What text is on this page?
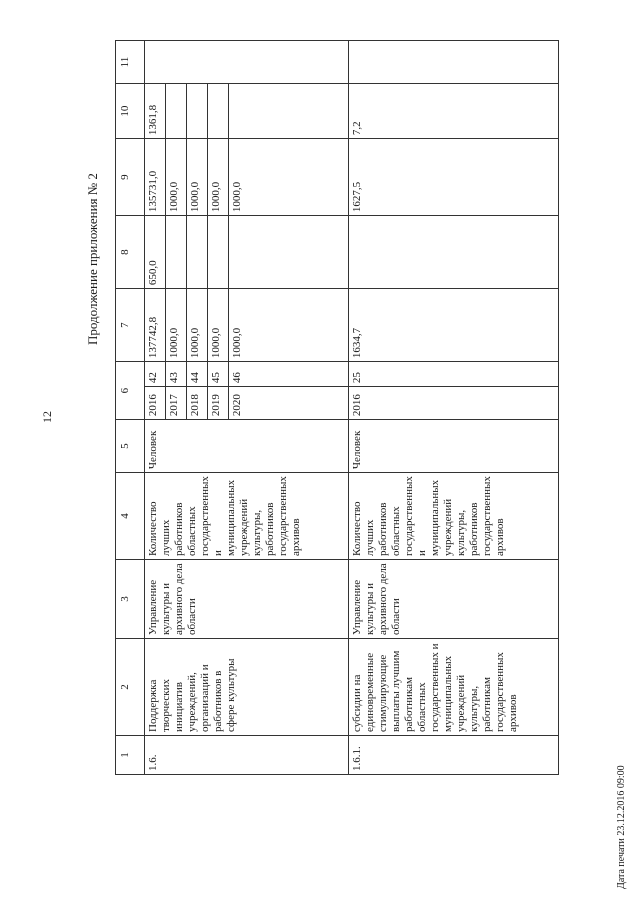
12
Продолжение приложения № 2
1	2	3	4	5	6		7	8	9	10	11
1.6.	Поддержка творческих инициатив учреждений, организаций и работников в сфере культуры	Управление культуры и архивного дела области	Количество лучших работников областных государственных и муниципальных учреждений культуры, работников государственных архивов	Человек	2016	42	137742,8	650,0	135731,0	1361,8	
					2017	43	1000,0		1000,0		
					2018	44	1000,0		1000,0		
					2019	45	1000,0		1000,0		
					2020	46	1000,0		1000,0		
1.6.1.	субсидии на единовременные стимулирующие выплаты лучшим работникам областных государственных и муниципальных учреждений культуры, работникам государственных архивов	Управление культуры и архивного дела области	Количество лучших работников областных государственных и муниципальных учреждений культуры, работников государственных архивов	Человек	2016	25	1634,7		1627,5	7,2	
Дата печати 23.12.2016 09:00
